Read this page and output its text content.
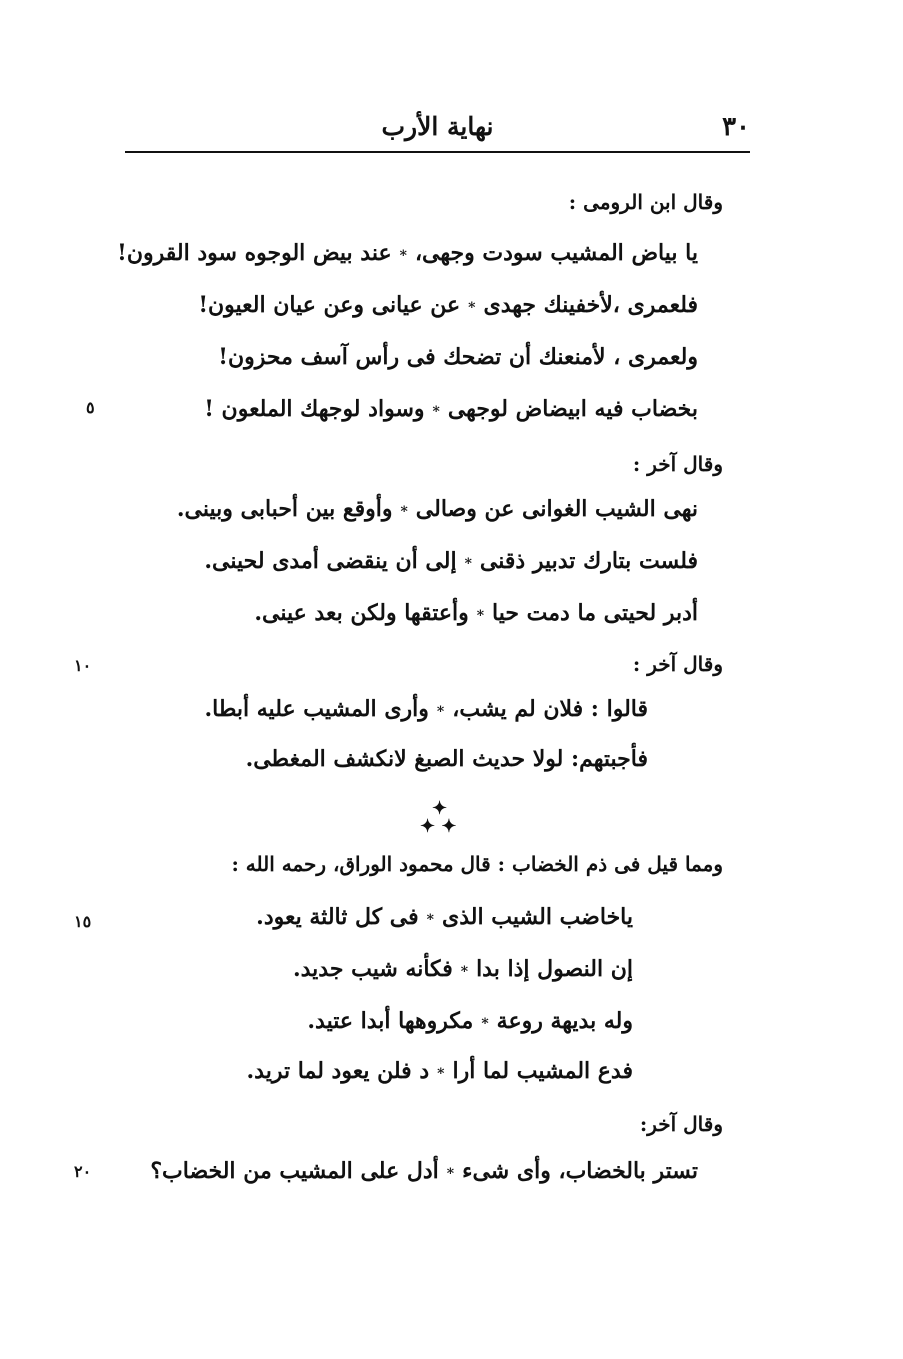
نهاية الأرب	٣٠
وقال ابن الرومى :
يا بياض المشيب سودت وجهى،*عند بيض الوجوه سود القرون!
فلعمرى ،لأخفينك جهدى*عن عيانى وعن عيان العيون!
ولعمرى ، لأمنعنك أن تضحك فى رأس آسف محزون!
بخضاب فيه ابيضاض لوجهى*وسواد لوجهك الملعون !
٥
وقال آخر :
نهى الشيب الغوانى عن وصالى*وأوقع بين أحبابى وبينى.
فلست بتارك تدبير ذقنى*إلى أن ينقضى أمدى لحينى.
أدبر لحيتى ما دمت حيا*وأعتقها ولكن بعد عينى.
وقال آخر :
١٠
قالوا : فلان لم يشب،*وأرى المشيب عليه أبطا.
فأجبتهم: لولا حديث الصبغ لانكشف المغطى.
✦
✦ ✦
ومما قيل فى ذم الخضاب : قال محمود الوراق، رحمه الله :
ياخاضب الشيب الذى*فى كل ثالثة يعود.
١٥
إن النصول إذا بدا*فكأنه شيب جديد.
وله بديهة روعة*مكروهها أبدا عتيد.
فدع المشيب لما أرا*د فلن يعود لما تريد.
وقال آخر:
تستر بالخضاب، وأى شىء*أدل على المشيب من الخضاب؟
٢٠
